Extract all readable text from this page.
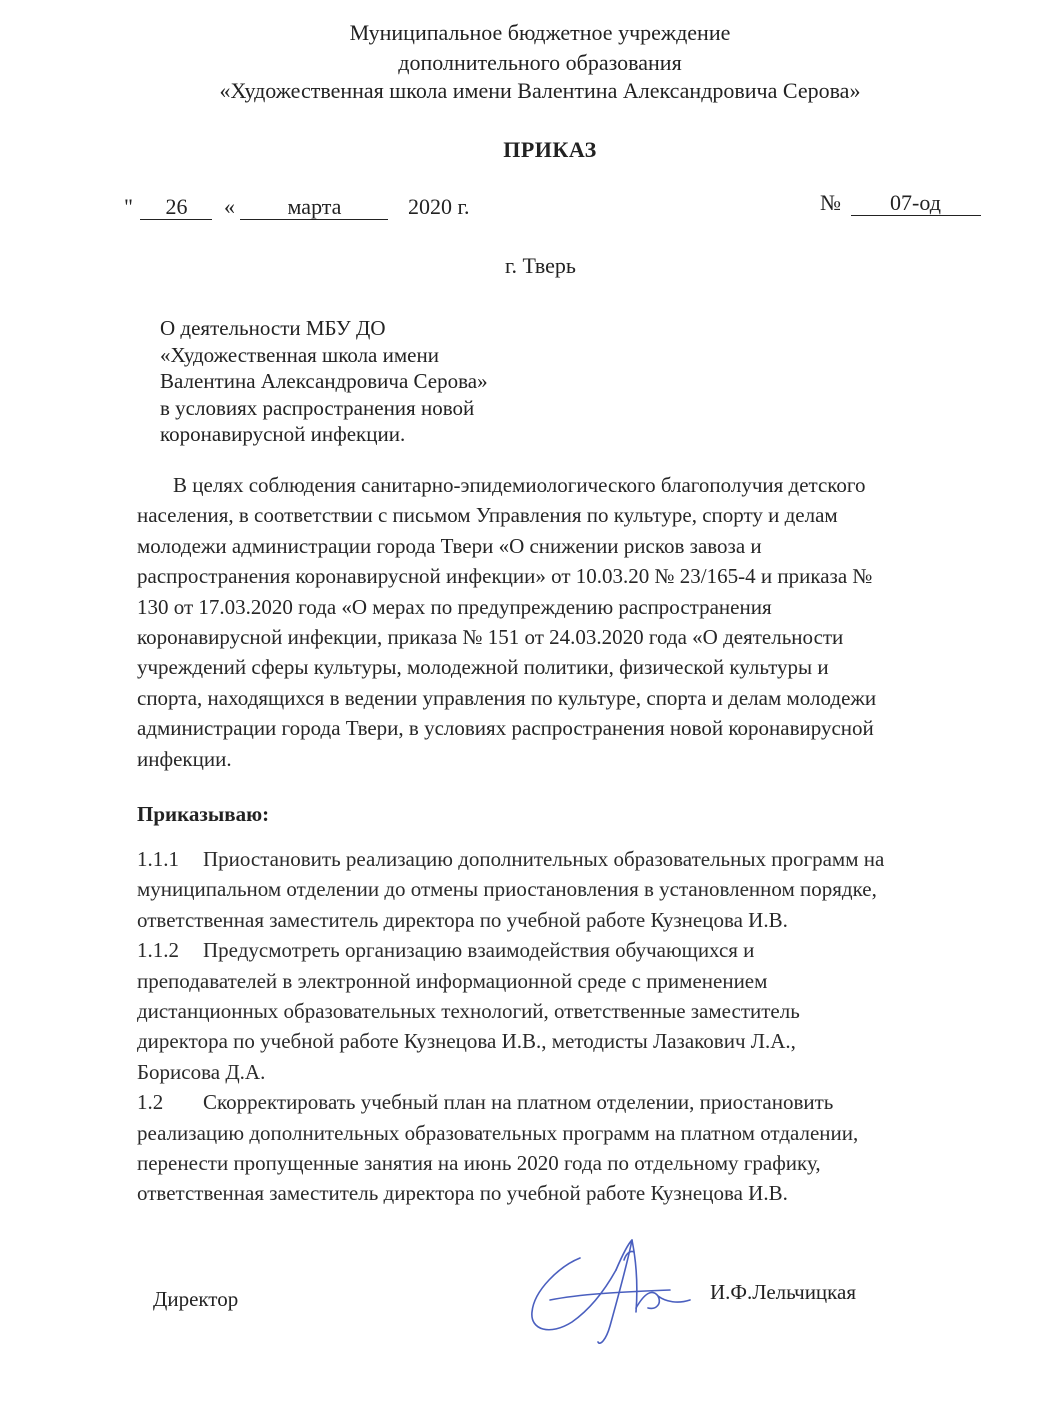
Муниципальное бюджетное учреждение
дополнительного образования
«Художественная школа имени Валентина Александровича Серова»
ПРИКАЗ
" 26 « марта	2020 г.	№ 07-од
г. Тверь
О деятельности МБУ ДО
«Художественная школа имени
Валентина Александровича Серова»
в условиях распространения новой
коронавирусной инфекции.
В целях соблюдения санитарно-эпидемиологического благополучия детского
населения, в соответствии с письмом Управления по культуре, спорту и делам
молодежи администрации города Твери «О снижении рисков завоза и
распространения коронавирусной инфекции» от 10.03.20 № 23/165-4 и приказа №
130 от 17.03.2020 года «О мерах по предупреждению распространения
коронавирусной инфекции, приказа № 151 от 24.03.2020 года «О деятельности
учреждений сферы культуры, молодежной политики, физической культуры и
спорта, находящихся в ведении управления по культуре, спорта и делам молодежи
администрации города Твери, в условиях распространения новой коронавирусной
инфекции.
Приказываю:
1.1.1 Приостановить реализацию дополнительных образовательных программ на
муниципальном отделении до отмены приостановления в установленном порядке,
ответственная заместитель директора по учебной работе Кузнецова И.В.
1.1.2 Предусмотреть организацию взаимодействия обучающихся и
преподавателей в электронной информационной среде с применением
дистанционных образовательных технологий, ответственные заместитель
директора по учебной работе Кузнецова И.В., методисты Лазакович Л.А.,
Борисова Д.А.
1.2 Скорректировать учебный план на платном отделении, приостановить
реализацию дополнительных образовательных программ на платном отдалении,
перенести пропущенные занятия на июнь 2020 года по отдельному графику,
ответственная заместитель директора по учебной работе Кузнецова И.В.
Директор	И.Ф.Лельчицкая
